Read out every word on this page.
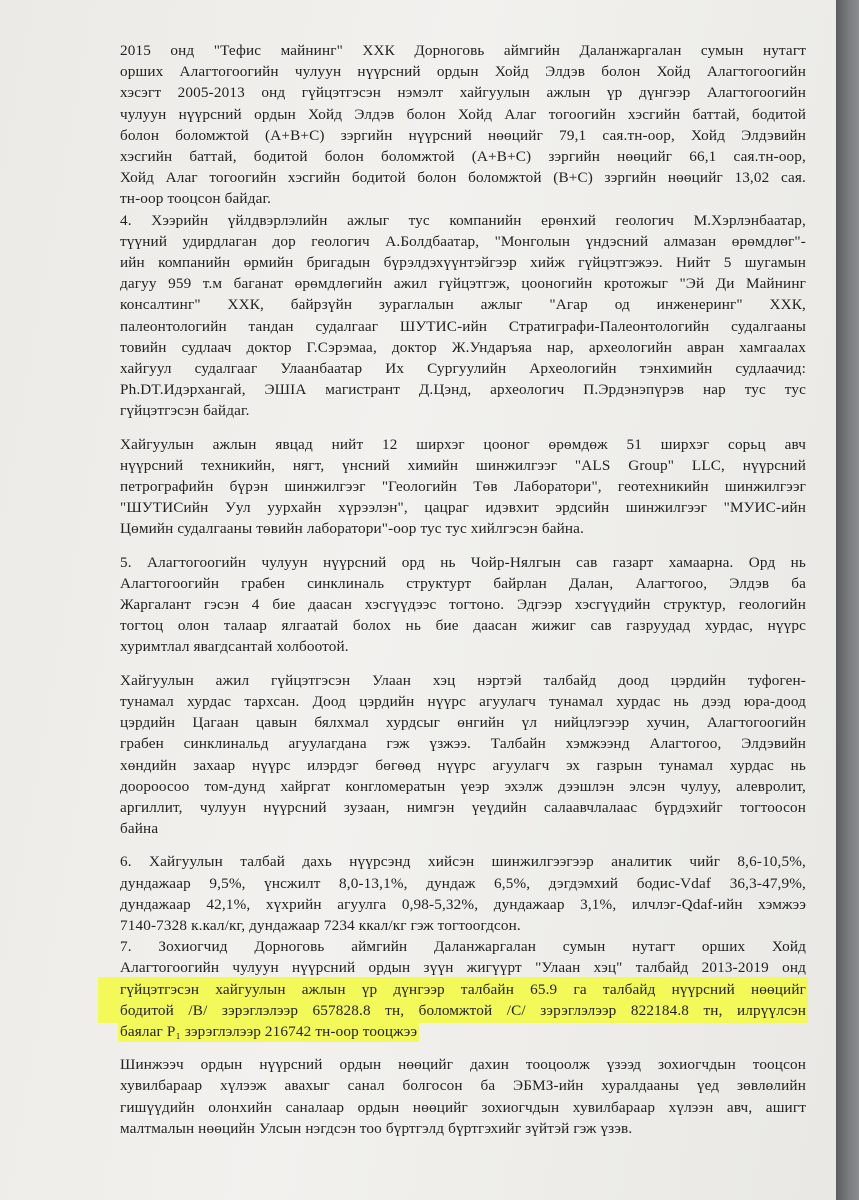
2015 онд "Тефис майнинг" ХХК Дорноговь аймгийн Даланжаргалан сумын нутагт
орших Алагтогоогийн чулуун нүүрсний ордын Хойд Элдэв болон Хойд Алагтогоогийн
хэсэгт 2005-2013 онд гүйцэтгэсэн нэмэлт хайгуулын ажлын үр дүнгээр Алагтогоогийн
чулуун нүүрсний ордын Хойд Элдэв болон Хойд Алаг тогоогийн хэсгийн баттай, бодитой
болон боломжтой (А+В+С) зэргийн нүүрсний нөөцийг 79,1 сая.тн-оор, Хойд Элдэвийн
хэсгийн баттай, бодитой болон боломжтой (А+В+С) зэргийн нөөцийг 66,1 сая.тн-оор,
Хойд Алаг тогоогийн хэсгийн бодитой болон боломжтой (В+С) зэргийн нөөцийг 13,02 сая.
тн-оор тооцсон байдаг.
4. Хээрийн үйлдвэрлэлийн ажлыг тус компанийн ерөнхий геологич М.Хэрлэнбаатар,
түүний удирдлаган дор геологич А.Болдбаатар, "Монголын үндэсний алмазан өрөмдлөг"-
ийн компанийн өрмийн бригадын бүрэлдэхүүнтэйгээр хийж гүйцэтгэжээ. Нийт 5 шугамын
дагуу 959 т.м баганат өрөмдлөгийн ажил гүйцэтгэж, цооногийн кротожыг "Эй Ди Майнинг
консалтинг" ХХК, байрзүйн зураглалын ажлыг "Агар од инженеринг" ХХК,
палеонтологийн тандан судалгааг ШУТИС-ийн Стратиграфи-Палеонтологийн судалгааны
товийн судлаач доктор Г.Сэрэмаа, доктор Ж.Ундаръяа нар, археологийн авран хамгаалах
хайгуул судалгааг Улаанбаатар Их Сургуулийн Археологийн тэнхимийн судлаачид:
Ph.DT.Идэрхангай, ЭШІА магистрант Д.Цэнд, археологич П.Эрдэнэпүрэв нар тус тус
гүйцэтгэсэн байдаг.
Хайгуулын ажлын явцад нийт 12 ширхэг цооног өрөмдөж 51 ширхэг сорьц авч
нүүрсний техникийн, нягт, үнсний химийн шинжилгээг "ALS Group" LLC, нүүрсний
петрографийн бүрэн шинжилгээг "Геологийн Төв Лаборатори", геотехникийн шинжилгээг
"ШУТИСийн Уул уурхайн хүрээлэн", цацраг идэвхит эрдсийн шинжилгээг "МУИС-ийн
Цөмийн судалгааны төвийн лаборатори"-оор тус тус хийлгэсэн байна.
5. Алагтогоогийн чулуун нүүрсний орд нь Чойр-Нялгын сав газарт хамаарна. Орд нь
Алагтогоогийн грабен синклиналь структурт байрлан Далан, Алагтогоо, Элдэв ба
Жаргалант гэсэн 4 бие даасан хэсгүүдээс тогтоно. Эдгээр хэсгүүдийн структур, геологийн
тогтоц олон талаар ялгаатай болох нь бие даасан жижиг сав газруудад хурдас, нүүрс
хуримтлал явагдсантай холбоотой.
Хайгуулын ажил гүйцэтгэсэн Улаан хэц нэртэй талбайд доод цэрдийн туфоген-
тунамал хурдас тархсан. Доод цэрдийн нүүрс агуулагч тунамал хурдас нь дээд юра-доод
цэрдийн Цагаан цавын бялхмал хурдсыг өнгийн үл нийцлэгээр хучин, Алагтогоогийн
грабен синклинальд агуулагдана гэж үзжээ. Талбайн хэмжээнд Алагтогоо, Элдэвийн
хөндийн захаар нүүрс илэрдэг бөгөөд нүүрс агуулагч эх газрын тунамал хурдас нь
доороосоо том-дунд хайргат конгломератын үеэр эхэлж дээшлэн элсэн чулуу, алевролит,
аргиллит, чулуун нүүрсний зузаан, нимгэн үеүдийн салаавчлалаас бүрдэхийг тогтоосон
байна
6. Хайгуулын талбай дахь нүүрсэнд хийсэн шинжилгээгээр аналитик чийг 8,6-10,5%,
дундажаар 9,5%, үнсжилт 8,0-13,1%, дундаж 6,5%, дэгдэмхий бодис-Vdaf 36,3-47,9%,
дундажаар 42,1%, хүхрийн агуулга 0,98-5,32%, дундажаар 3,1%, илчлэг-Qdaf-ийн хэмжээ
7140-7328 к.кал/кг, дундажаар 7234 ккал/кг гэж тогтоогдсон.
7. Зохиогчид Дорноговь аймгийн Даланжаргалан сумын нутагт орших Хойд
Алагтогоогийн чулуун нүүрсний ордын зүүн жигүүрт "Улаан хэц" талбайд 2013-2019 онд
гүйцэтгэсэн хайгуулын ажлын үр дүнгээр талбайн 65.9 га талбайд нүүрсний нөөцийг
бодитой /В/ зэрэглэлээр 657828.8 тн, боломжтой /С/ зэрэглэлээр 822184.8 тн, илрүүлсэн
баялаг Р₁ зэрэглэлээр 216742 тн-оор тооцжээ
Шинжээч ордын нүүрсний ордын нөөцийг дахин тооцоолж үзээд зохиогчдын тооцсон
хувилбараар хүлээж авахыг санал болгосон ба ЭБМЗ-ийн хуралдааны үед зөвлөлийн
гишүүдийн олонхийн саналаар ордын нөөцийг зохиогчдын хувилбараар хүлээн авч, ашигт
малтмалын нөөцийн Улсын нэгдсэн тоо бүртгэлд бүртгэхийг зүйтэй гэж үзэв.
